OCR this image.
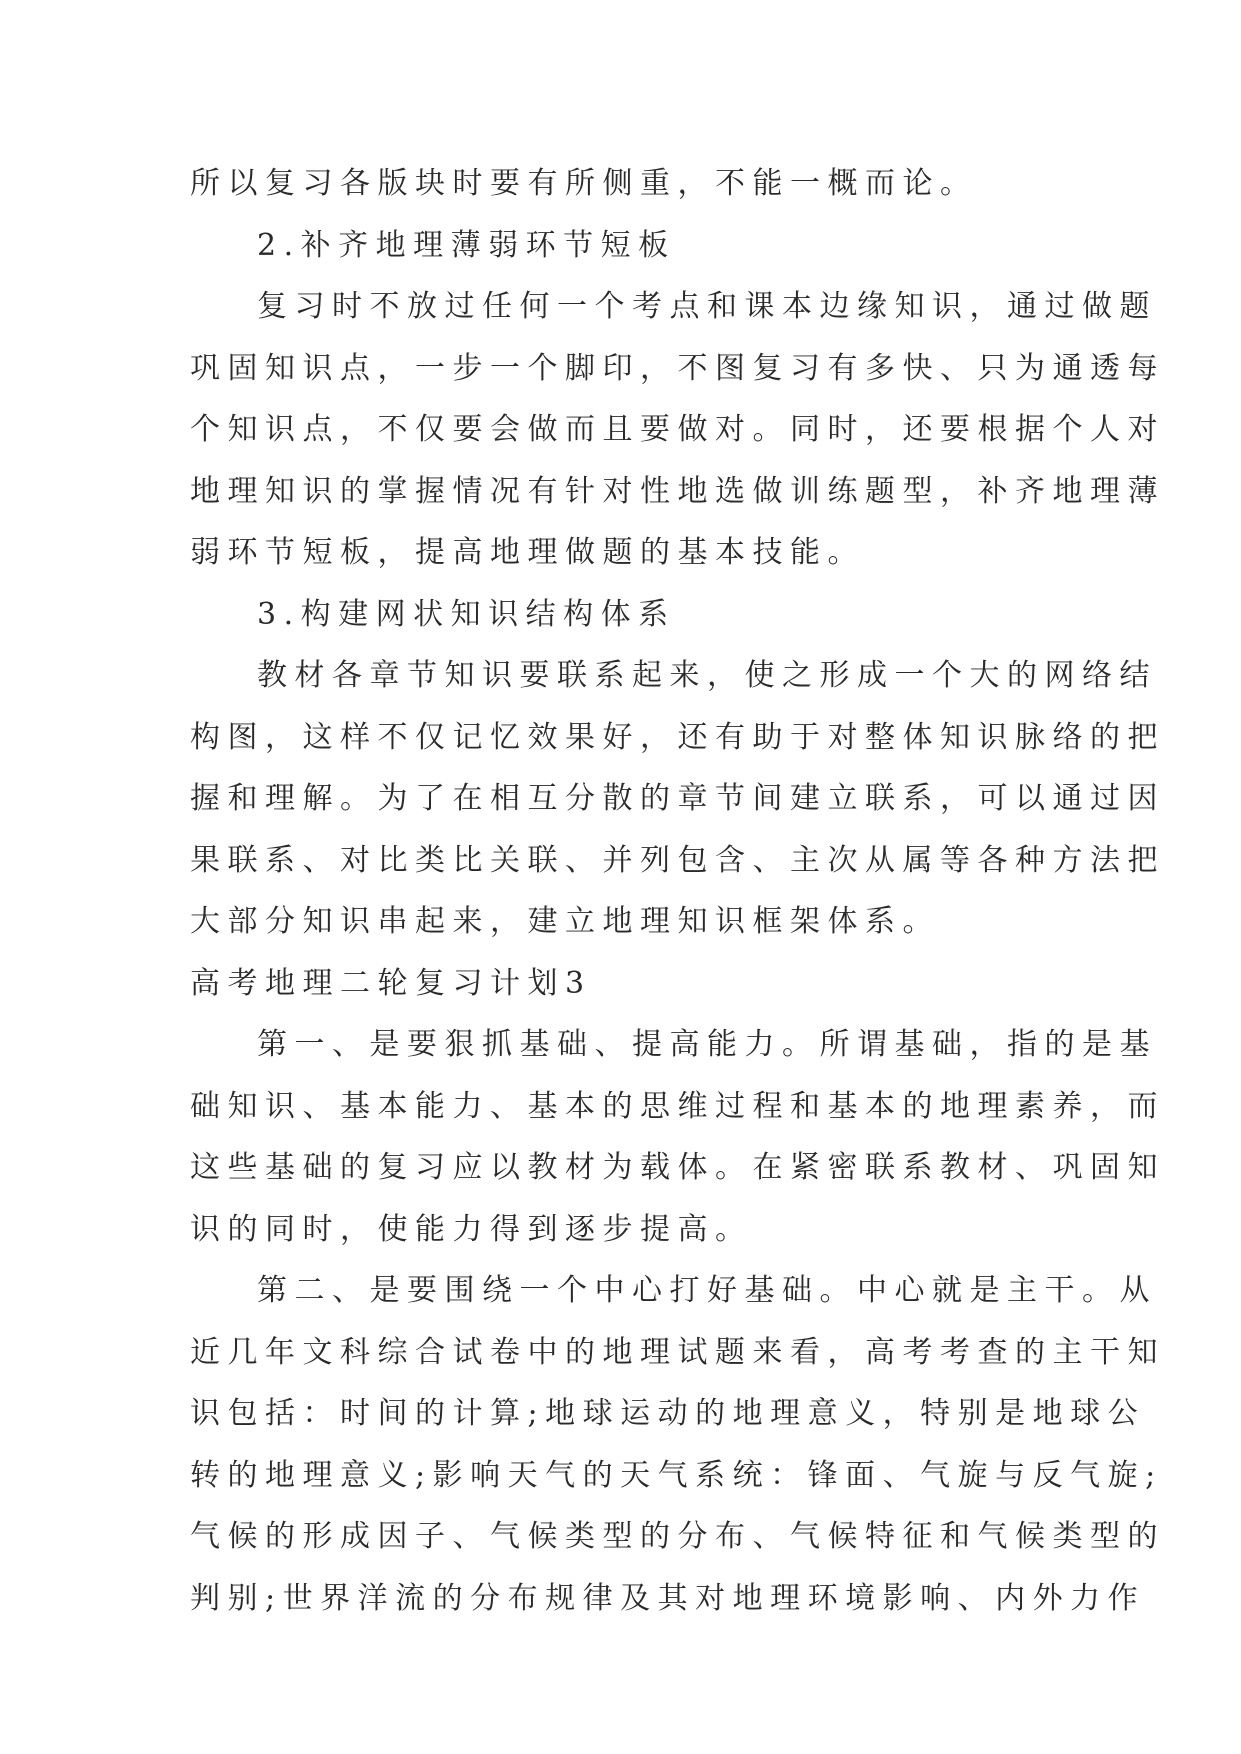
所以复习各版块时要有所侧重，不能一概而论。
2.补齐地理薄弱环节短板
复习时不放过任何一个考点和课本边缘知识，通过做题
巩固知识点，一步一个脚印，不图复习有多快、只为通透每
个知识点，不仅要会做而且要做对。同时，还要根据个人对
地理知识的掌握情况有针对性地选做训练题型，补齐地理薄
弱环节短板，提高地理做题的基本技能。
3.构建网状知识结构体系
教材各章节知识要联系起来，使之形成一个大的网络结
构图，这样不仅记忆效果好，还有助于对整体知识脉络的把
握和理解。为了在相互分散的章节间建立联系，可以通过因
果联系、对比类比关联、并列包含、主次从属等各种方法把
大部分知识串起来，建立地理知识框架体系。
高考地理二轮复习计划3
第一、是要狠抓基础、提高能力。所谓基础，指的是基
础知识、基本能力、基本的思维过程和基本的地理素养，而
这些基础的复习应以教材为载体。在紧密联系教材、巩固知
识的同时，使能力得到逐步提高。
第二、是要围绕一个中心打好基础。中心就是主干。从
近几年文科综合试卷中的地理试题来看，高考考查的主干知
识包括：时间的计算;地球运动的地理意义，特别是地球公
转的地理意义;影响天气的天气系统：锋面、气旋与反气旋;
气候的形成因子、气候类型的分布、气候特征和气候类型的
判别;世界洋流的分布规律及其对地理环境影响、内外力作
